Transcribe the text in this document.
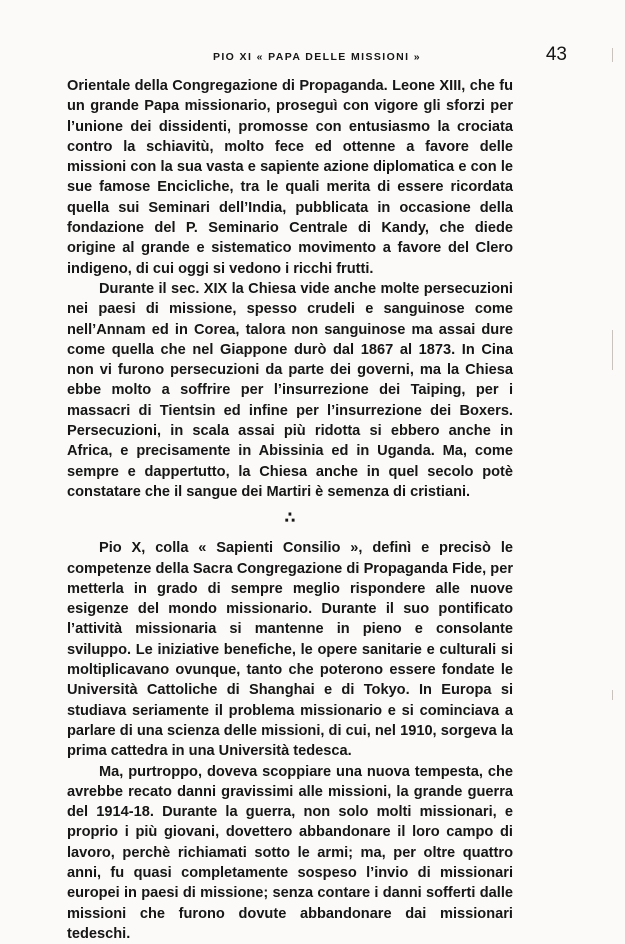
PIO XI « PAPA DELLE MISSIONI »	43

Orientale della Congregazione di Propaganda. Leone XIII, che fu un grande Papa missionario, proseguì con vigore gli sforzi per l’unione dei dissidenti, promosse con entusiasmo la crociata contro la schiavitù, molto fece ed ottenne a favore delle missioni con la sua vasta e sapiente azione diplomatica e con le sue famose Encicliche, tra le quali merita di essere ricordata quella sui Seminari dell’India, pubblicata in occasione della fondazione del P. Seminario Centrale di Kandy, che diede origine al grande e sistematico movimento a favore del Clero indigeno, di cui oggi si vedono i ricchi frutti.

Durante il sec. XIX la Chiesa vide anche molte persecuzioni nei paesi di missione, spesso crudeli e sanguinose come nell’Annam ed in Corea, talora non sanguinose ma assai dure come quella che nel Giappone durò dal 1867 al 1873. In Cina non vi furono persecuzioni da parte dei governi, ma la Chiesa ebbe molto a soffrire per l’insurrezione dei Taiping, per i massacri di Tientsin ed infine per l’insurrezione dei Boxers. Persecuzioni, in scala assai più ridotta si ebbero anche in Africa, e precisamente in Abissinia ed in Uganda. Ma, come sempre e dappertutto, la Chiesa anche in quel secolo potè constatare che il sangue dei Martiri è semenza di cristiani.

∴

Pio X, colla « Sapienti Consilio », definì e precisò le competenze della Sacra Congregazione di Propaganda Fide, per metterla in grado di sempre meglio rispondere alle nuove esigenze del mondo missionario. Durante il suo pontificato l’attività missionaria si mantenne in pieno e consolante sviluppo. Le iniziative benefiche, le opere sanitarie e culturali si moltiplicavano ovunque, tanto che poterono essere fondate le Università Cattoliche di Shanghai e di Tokyo. In Europa si studiava seriamente il problema missionario e si cominciava a parlare di una scienza delle missioni, di cui, nel 1910, sorgeva la prima cattedra in una Università tedesca.

Ma, purtroppo, doveva scoppiare una nuova tempesta, che avrebbe recato danni gravissimi alle missioni, la grande guerra del 1914-18. Durante la guerra, non solo molti missionari, e proprio i più giovani, dovettero abbandonare il loro campo di lavoro, perchè richiamati sotto le armi; ma, per oltre quattro anni, fu quasi completamente sospeso l’invio di missionari europei in paesi di missione; senza contare i danni sofferti dalle missioni che furono dovute abbandonare dai missionari tedeschi.
